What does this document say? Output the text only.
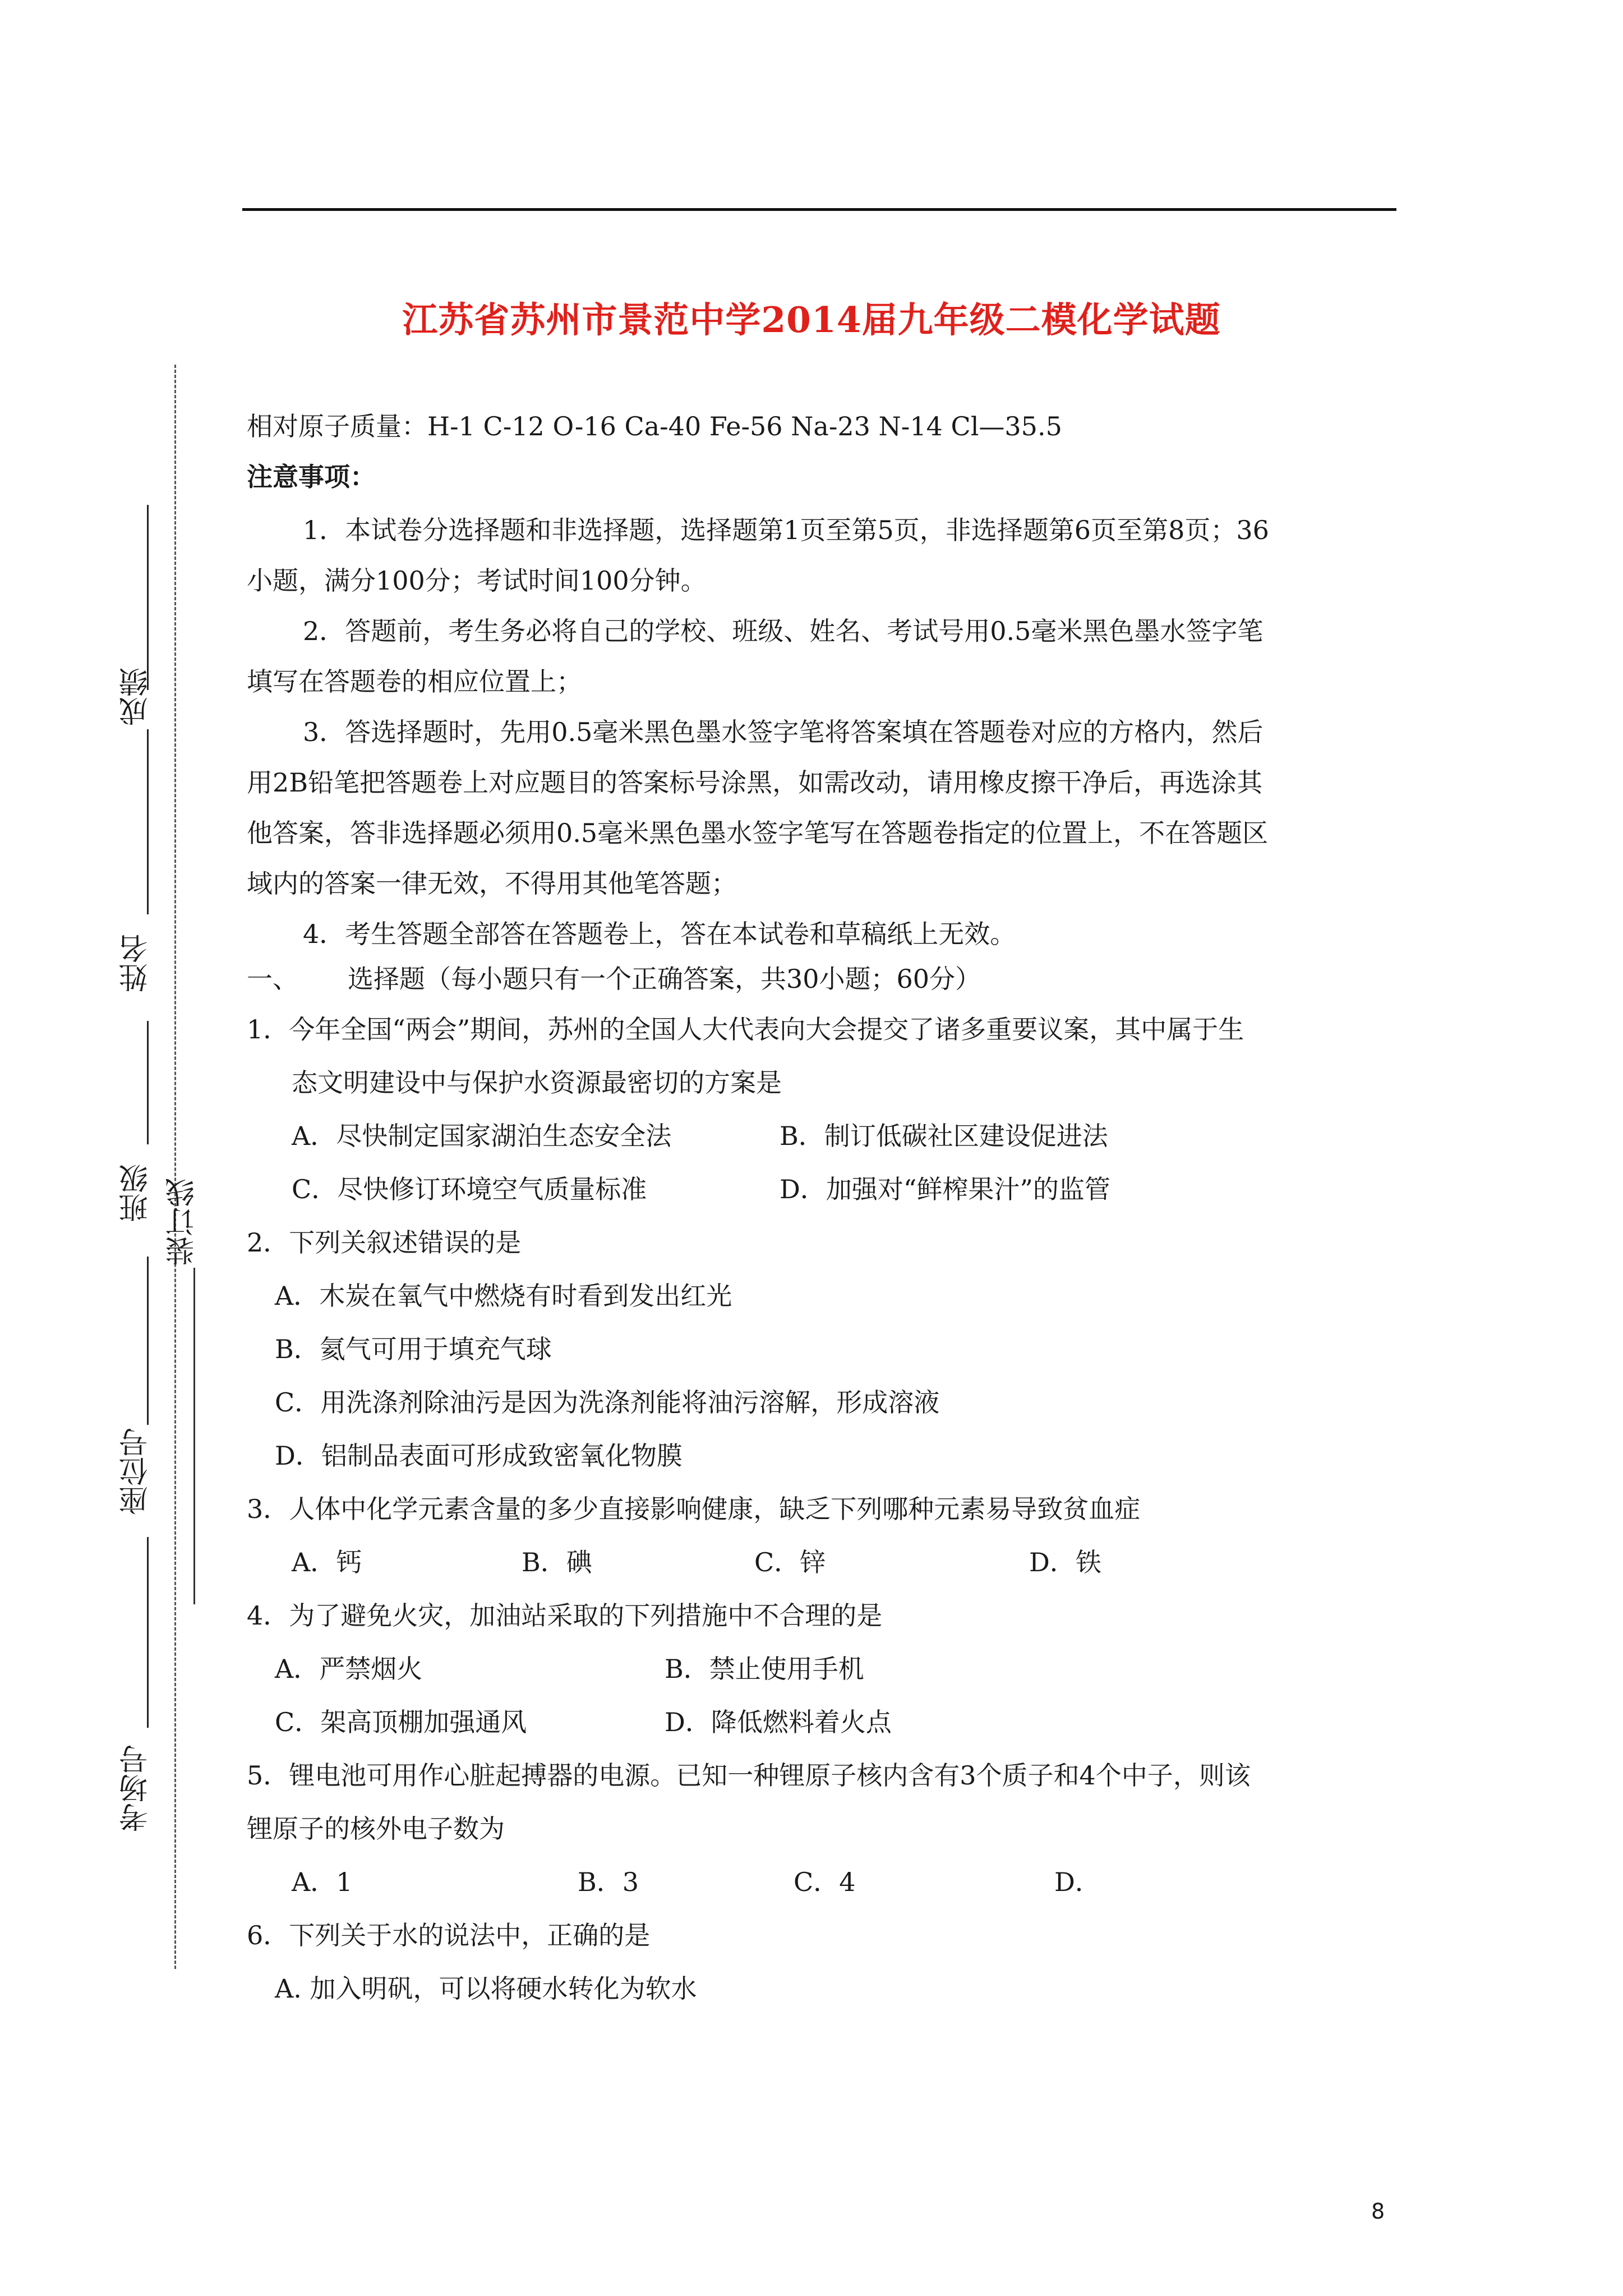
江苏省苏州市景范中学2014届九年级二模化学试题
成绩
姓名
班级 装订线
座位号
考场号
相对原子质量：H-1 C-12 O-16 Ca-40 Fe-56 Na-23 N-14 Cl—35.5
注意事项：
1．本试卷分选择题和非选择题，选择题第1页至第5页，非选择题第6页至第8页；36
小题，满分100分；考试时间100分钟。
2．答题前，考生务必将自己的学校、班级、姓名、考试号用0.5毫米黑色墨水签字笔
填写在答题卷的相应位置上；
3．答选择题时，先用0.5毫米黑色墨水签字笔将答案填在答题卷对应的方格内，然后
用2B铅笔把答题卷上对应题目的答案标号涂黑，如需改动，请用橡皮擦干净后，再选涂其
他答案，答非选择题必须用0.5毫米黑色墨水签字笔写在答题卷指定的位置上，不在答题区
域内的答案一律无效，不得用其他笔答题；
4．考生答题全部答在答题卷上，答在本试卷和草稿纸上无效。
一、 选择题（每小题只有一个正确答案，共30小题；60分）
1．今年全国“两会”期间，苏州的全国人大代表向大会提交了诸多重要议案，其中属于生
态文明建设中与保护水资源最密切的方案是
A．尽快制定国家湖泊生态安全法	B．制订低碳社区建设促进法
C．尽快修订环境空气质量标准	D．加强对“鲜榨果汁”的监管
2．下列关叙述错误的是
A．木炭在氧气中燃烧有时看到发出红光
B．氦气可用于填充气球
C．用洗涤剂除油污是因为洗涤剂能将油污溶解，形成溶液
D．铝制品表面可形成致密氧化物膜
3．人体中化学元素含量的多少直接影响健康，缺乏下列哪种元素易导致贫血症
A．钙	B．碘	C．锌	D．铁
4．为了避免火灾，加油站采取的下列措施中不合理的是
A．严禁烟火	B．禁止使用手机
C．架高顶棚加强通风	D．降低燃料着火点
5．锂电池可用作心脏起搏器的电源。已知一种锂原子核内含有3个质子和4个中子，则该
锂原子的核外电子数为
A．1	B．3	C．4	D．
6．下列关于水的说法中，正确的是
A. 加入明矾，可以将硬水转化为软水
8
